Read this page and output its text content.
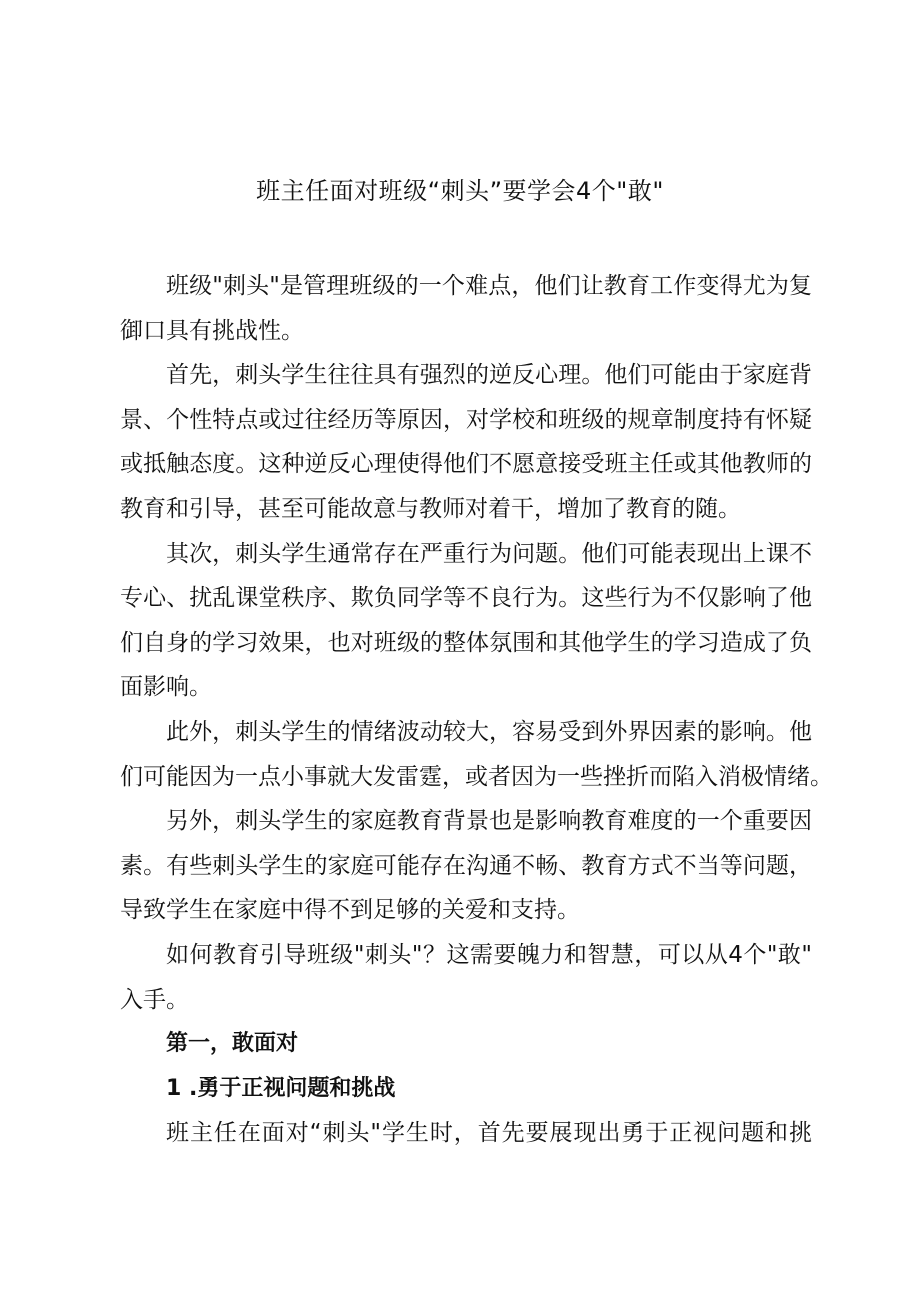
班主任面对班级“刺头”要学会4个"敢"
班级"刺头"是管理班级的一个难点，他们让教育工作变得尤为复
御口具有挑战性。
首先，刺头学生往往具有强烈的逆反心理。他们可能由于家庭背
景、个性特点或过往经历等原因，对学校和班级的规章制度持有怀疑
或抵触态度。这种逆反心理使得他们不愿意接受班主任或其他教师的
教育和引导，甚至可能故意与教师对着干，增加了教育的随。
其次，刺头学生通常存在严重行为问题。他们可能表现出上课不
专心、扰乱课堂秩序、欺负同学等不良行为。这些行为不仅影响了他
们自身的学习效果，也对班级的整体氛围和其他学生的学习造成了负
面影响。
此外，刺头学生的情绪波动较大，容易受到外界因素的影响。他
们可能因为一点小事就大发雷霆，或者因为一些挫折而陷入消极情绪。
另外，刺头学生的家庭教育背景也是影响教育难度的一个重要因
素。有些刺头学生的家庭可能存在沟通不畅、教育方式不当等问题，
导致学生在家庭中得不到足够的关爱和支持。
如何教育引导班级"刺头"？这需要魄力和智慧，可以从4个"敢"
入手。
第一，敢面对
1 .勇于正视问题和挑战
班主任在面对“刺头"学生时，首先要展现出勇于正视问题和挑
